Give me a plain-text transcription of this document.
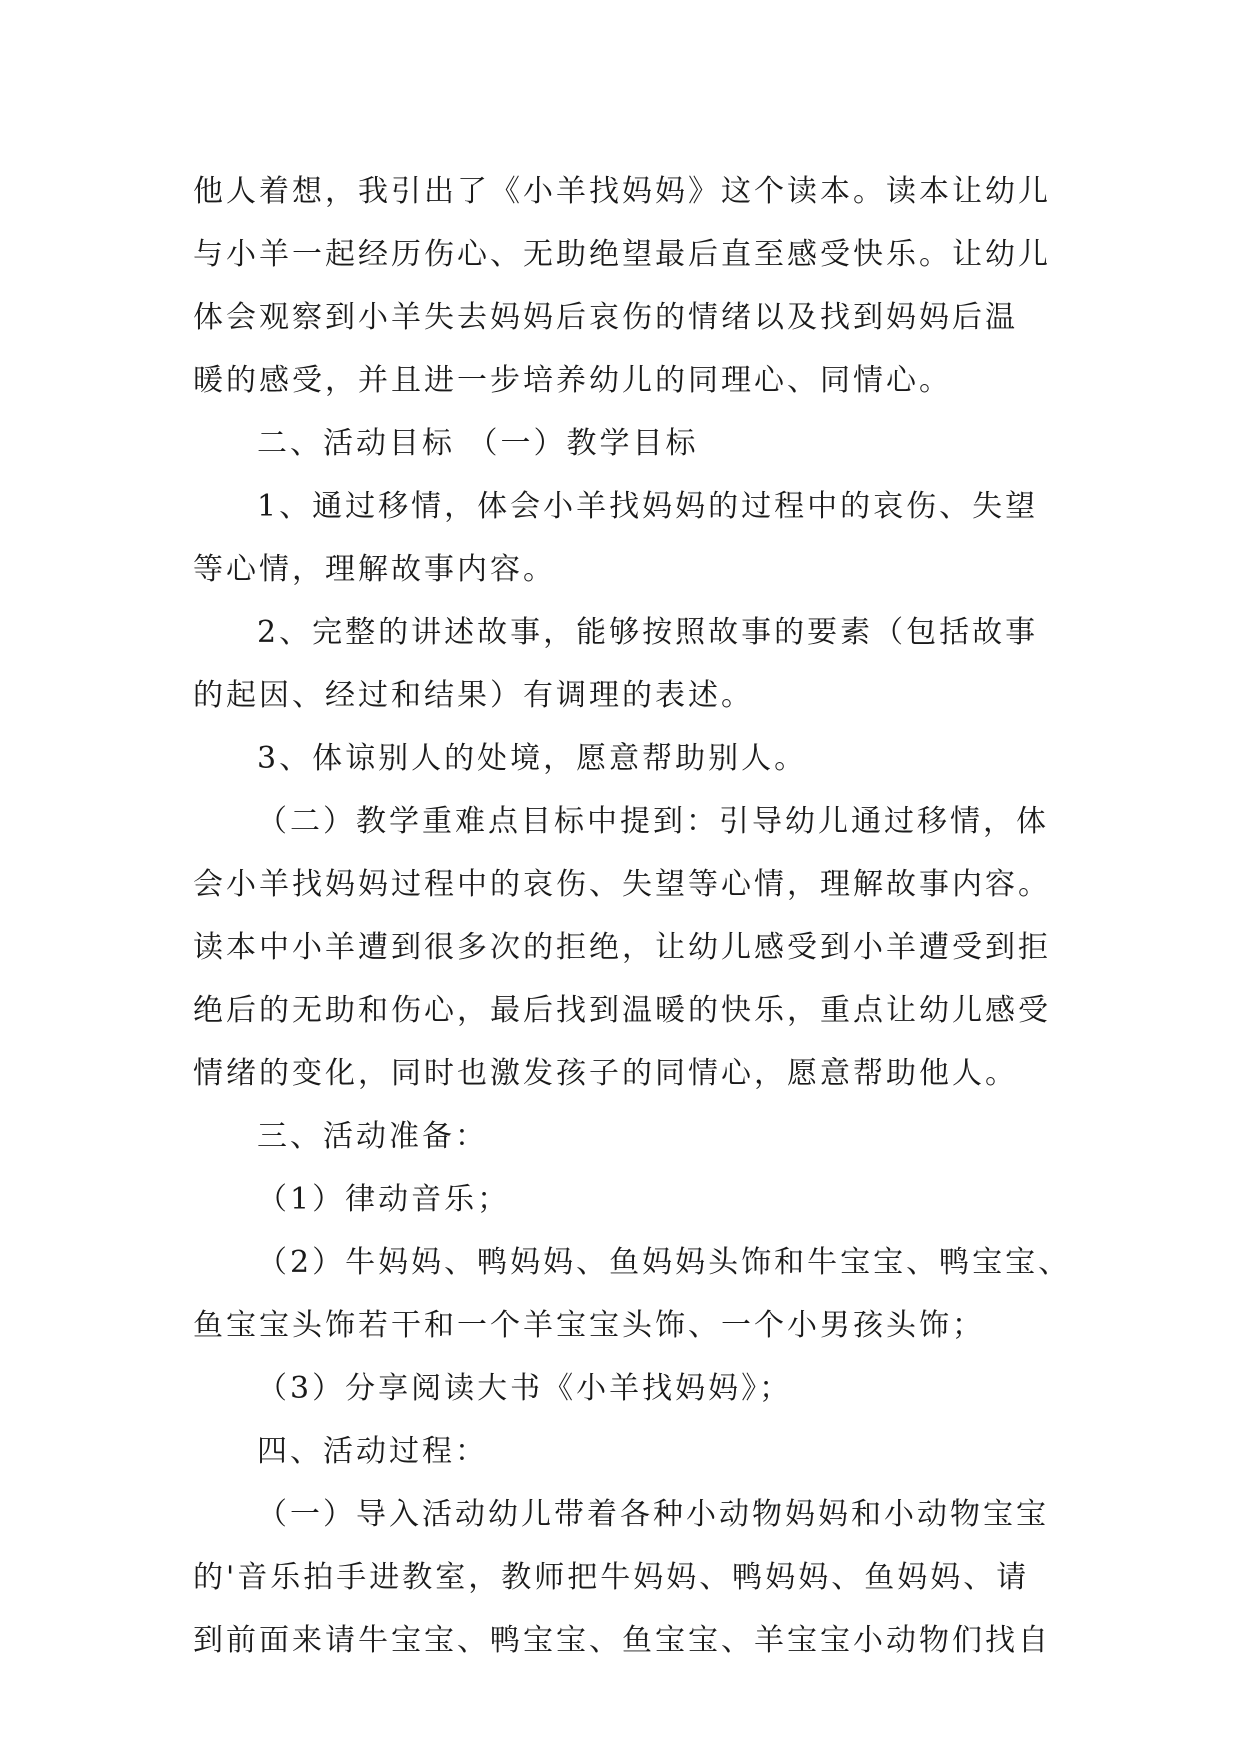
他人着想，我引出了《小羊找妈妈》这个读本。读本让幼儿
与小羊一起经历伤心、无助绝望最后直至感受快乐。让幼儿
体会观察到小羊失去妈妈后哀伤的情绪以及找到妈妈后温
暖的感受，并且进一步培养幼儿的同理心、同情心。
二、活动目标 （一）教学目标
1、通过移情，体会小羊找妈妈的过程中的哀伤、失望
等心情，理解故事内容。
2、完整的讲述故事，能够按照故事的要素（包括故事
的起因、经过和结果）有调理的表述。
3、体谅别人的处境，愿意帮助别人。
（二）教学重难点目标中提到：引导幼儿通过移情，体
会小羊找妈妈过程中的哀伤、失望等心情，理解故事内容。
读本中小羊遭到很多次的拒绝，让幼儿感受到小羊遭受到拒
绝后的无助和伤心，最后找到温暖的快乐，重点让幼儿感受
情绪的变化，同时也激发孩子的同情心，愿意帮助他人。
三、活动准备：
（1）律动音乐；
（2）牛妈妈、鸭妈妈、鱼妈妈头饰和牛宝宝、鸭宝宝、
鱼宝宝头饰若干和一个羊宝宝头饰、一个小男孩头饰；
（3）分享阅读大书《小羊找妈妈》；
四、活动过程：
（一）导入活动幼儿带着各种小动物妈妈和小动物宝宝
的'音乐拍手进教室，教师把牛妈妈、鸭妈妈、鱼妈妈、请
到前面来请牛宝宝、鸭宝宝、鱼宝宝、羊宝宝小动物们找自
